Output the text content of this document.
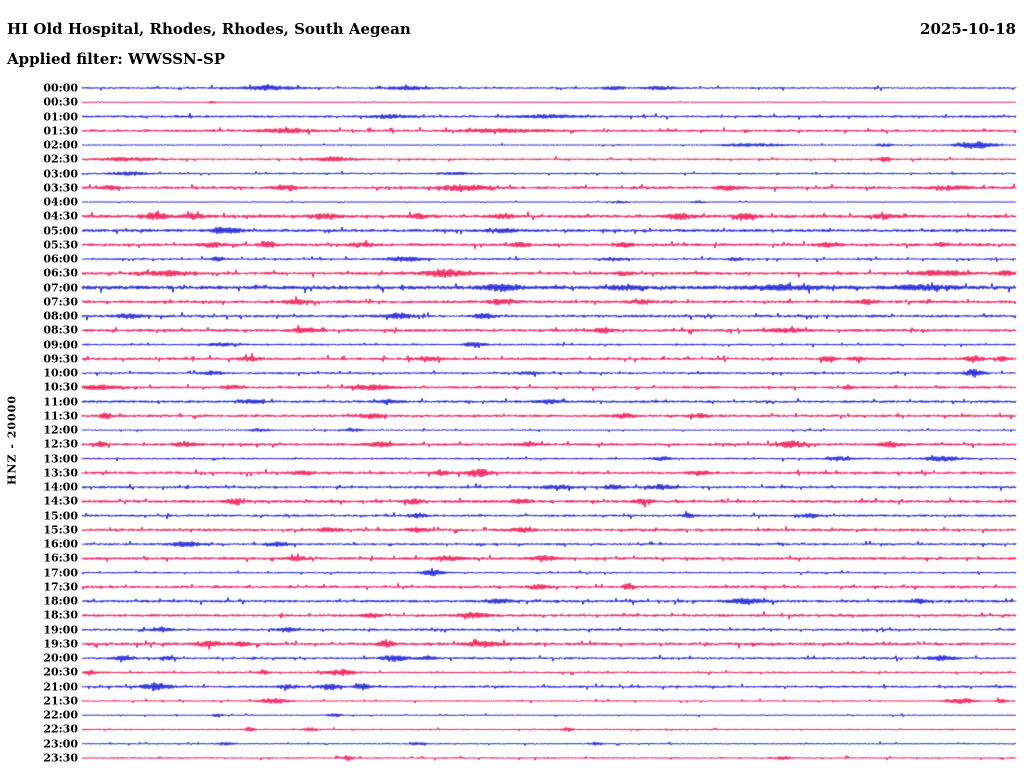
HI Old Hospital, Rhodes, Rhodes, South Aegean	2025-10-18
Applied filter: WWSSN-SP
HNZ - 20000
00:00
00:30
01:00
01:30
02:00
02:30
03:00
03:30
04:00
04:30
05:00
05:30
06:00
06:30
07:00
07:30
08:00
08:30
09:00
09:30
10:00
10:30
11:00
11:30
12:00
12:30
13:00
13:30
14:00
14:30
15:00
15:30
16:00
16:30
17:00
17:30
18:00
18:30
19:00
19:30
20:00
20:30
21:00
21:30
22:00
22:30
23:00
23:30
